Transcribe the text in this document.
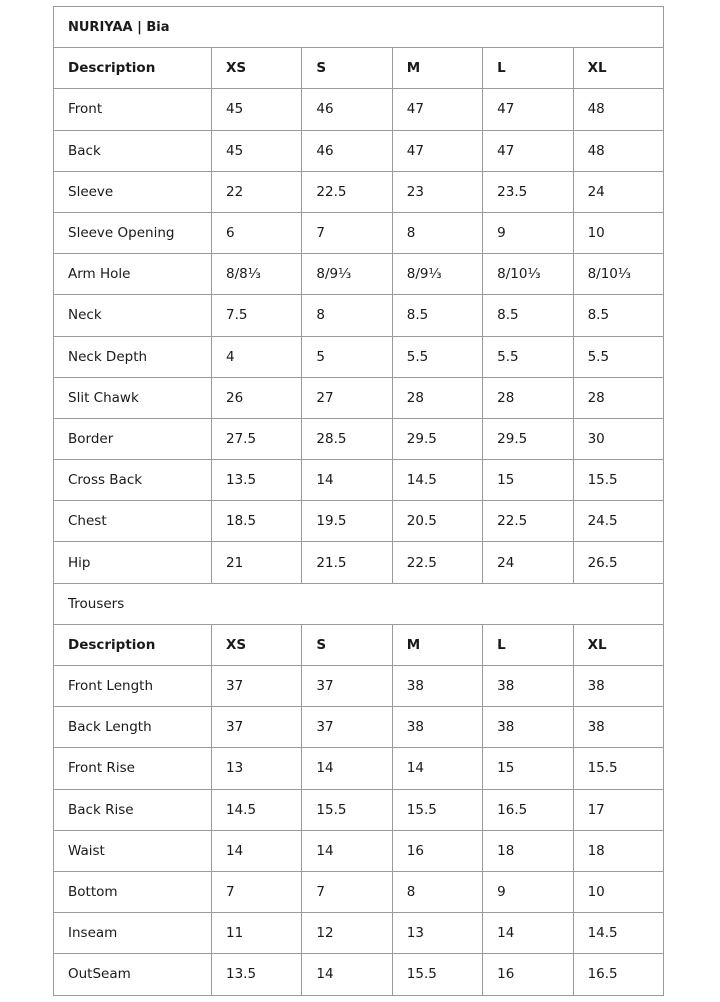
NURIYAA | Bia					
Description	XS	S	M	L	XL
Front	45	46	47	47	48
Back	45	46	47	47	48
Sleeve	22	22.5	23	23.5	24
Sleeve Opening	6	7	8	9	10
Arm Hole	8/8⅓	8/9⅓	8/9⅓	8/10⅓	8/10⅓
Neck	7.5	8	8.5	8.5	8.5
Neck Depth	4	5	5.5	5.5	5.5
Slit Chawk	26	27	28	28	28
Border	27.5	28.5	29.5	29.5	30
Cross Back	13.5	14	14.5	15	15.5
Chest	18.5	19.5	20.5	22.5	24.5
Hip	21	21.5	22.5	24	26.5
Trousers					
Description	XS	S	M	L	XL
Front Length	37	37	38	38	38
Back Length	37	37	38	38	38
Front Rise	13	14	14	15	15.5
Back Rise	14.5	15.5	15.5	16.5	17
Waist	14	14	16	18	18
Bottom	7	7	8	9	10
Inseam	11	12	13	14	14.5
OutSeam	13.5	14	15.5	16	16.5
